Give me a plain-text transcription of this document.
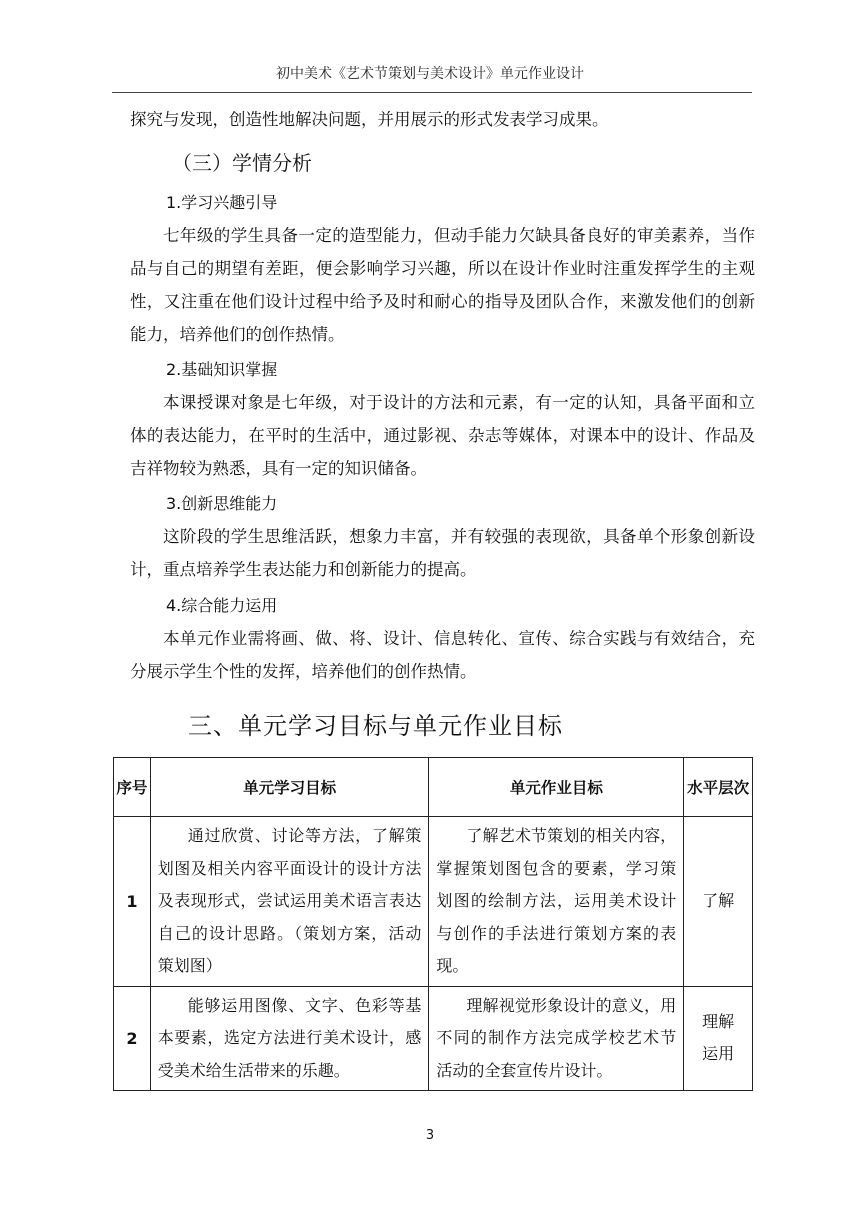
初中美术《艺术节策划与美术设计》单元作业设计
探究与发现，创造性地解决问题，并用展示的形式发表学习成果。
（三）学情分析
1.学习兴趣引导
七年级的学生具备一定的造型能力，但动手能力欠缺具备良好的审美素养，当作品与自己的期望有差距，便会影响学习兴趣，所以在设计作业时注重发挥学生的主观性，又注重在他们设计过程中给予及时和耐心的指导及团队合作，来激发他们的创新能力，培养他们的创作热情。
2.基础知识掌握
本课授课对象是七年级，对于设计的方法和元素，有一定的认知，具备平面和立体的表达能力，在平时的生活中，通过影视、杂志等媒体，对课本中的设计、作品及吉祥物较为熟悉，具有一定的知识储备。
3.创新思维能力
这阶段的学生思维活跃，想象力丰富，并有较强的表现欲，具备单个形象创新设计，重点培养学生表达能力和创新能力的提高。
4.综合能力运用
本单元作业需将画、做、将、设计、信息转化、宣传、综合实践与有效结合，充分展示学生个性的发挥，培养他们的创作热情。
三、单元学习目标与单元作业目标
序号	单元学习目标	单元作业目标	水平层次
1	通过欣赏、讨论等方法，了解策划图及相关内容平面设计的设计方法及表现形式，尝试运用美术语言表达自己的设计思路。（策划方案，活动策划图）	了解艺术节策划的相关内容，掌握策划图包含的要素，学习策划图的绘制方法，运用美术设计与创作的手法进行策划方案的表现。	了解

2	能够运用图像、文字、色彩等基本要素，选定方法进行美术设计，感受美术给生活带来的乐趣。	理解视觉形象设计的意义，用不同的制作方法完成学校艺术节活动的全套宣传片设计。	理解运用
3
